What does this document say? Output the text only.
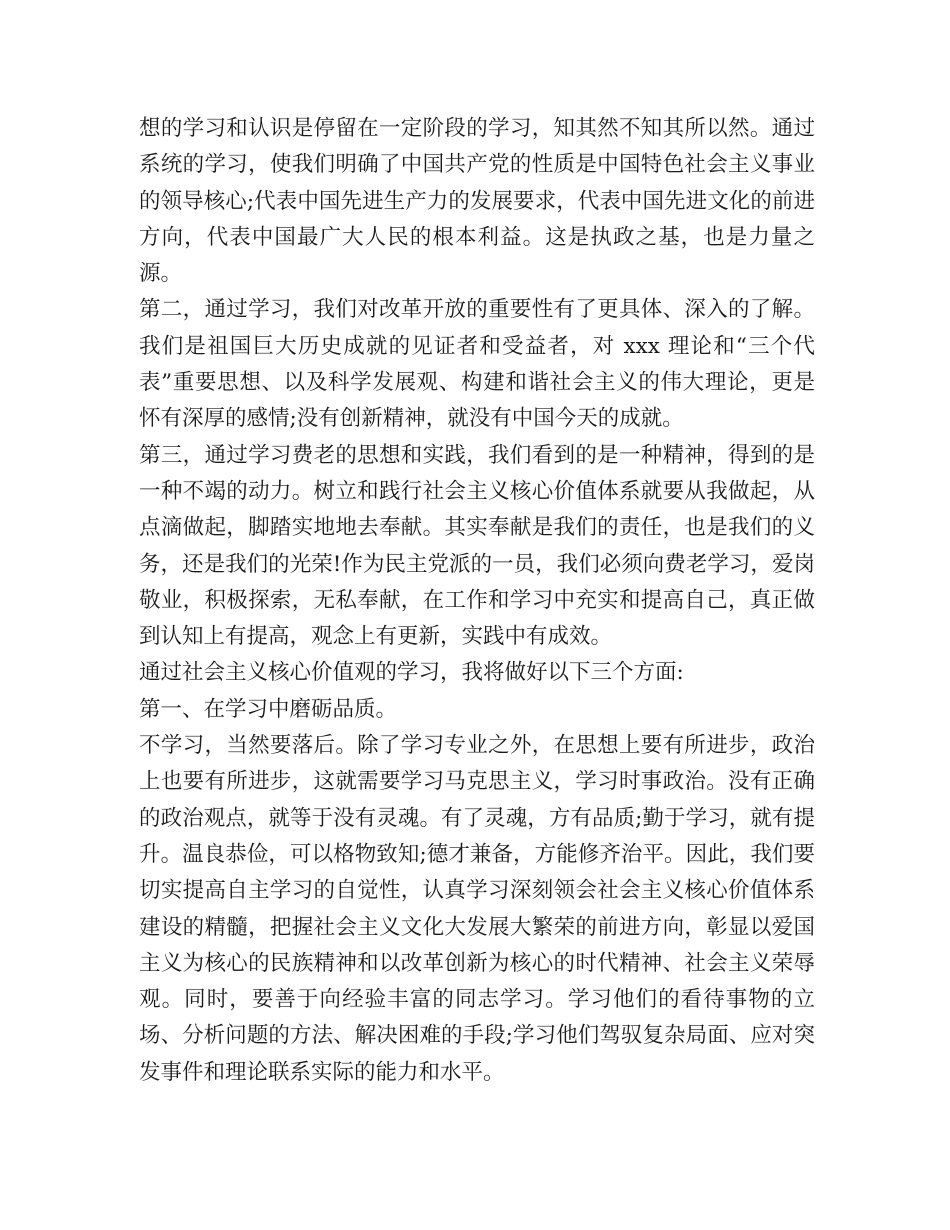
想的学习和认识是停留在一定阶段的学习，知其然不知其所以然。通过系统的学习，使我们明确了中国共产党的性质是中国特色社会主义事业的领导核心;代表中国先进生产力的发展要求，代表中国先进文化的前进方向，代表中国最广大人民的根本利益。这是执政之基，也是力量之源。

第二，通过学习，我们对改革开放的重要性有了更具体、深入的了解。我们是祖国巨大历史成就的见证者和受益者，对 xxx 理论和“三个代表”重要思想、以及科学发展观、构建和谐社会主义的伟大理论，更是怀有深厚的感情;没有创新精神，就没有中国今天的成就。

第三，通过学习费老的思想和实践，我们看到的是一种精神，得到的是一种不竭的动力。树立和践行社会主义核心价值体系就要从我做起，从点滴做起，脚踏实地地去奉献。其实奉献是我们的责任，也是我们的义务，还是我们的光荣!作为民主党派的一员，我们必须向费老学习，爱岗敬业，积极探索，无私奉献，在工作和学习中充实和提高自己，真正做到认知上有提高，观念上有更新，实践中有成效。

通过社会主义核心价值观的学习，我将做好以下三个方面:

第一、在学习中磨砺品质。

不学习，当然要落后。除了学习专业之外，在思想上要有所进步，政治上也要有所进步，这就需要学习马克思主义，学习时事政治。没有正确的政治观点，就等于没有灵魂。有了灵魂，方有品质;勤于学习，就有提升。温良恭俭，可以格物致知;德才兼备，方能修齐治平。因此，我们要切实提高自主学习的自觉性，认真学习深刻领会社会主义核心价值体系建设的精髓，把握社会主义文化大发展大繁荣的前进方向，彰显以爱国主义为核心的民族精神和以改革创新为核心的时代精神、社会主义荣辱观。同时，要善于向经验丰富的同志学习。学习他们的看待事物的立场、分析问题的方法、解决困难的手段;学习他们驾驭复杂局面、应对突发事件和理论联系实际的能力和水平。
